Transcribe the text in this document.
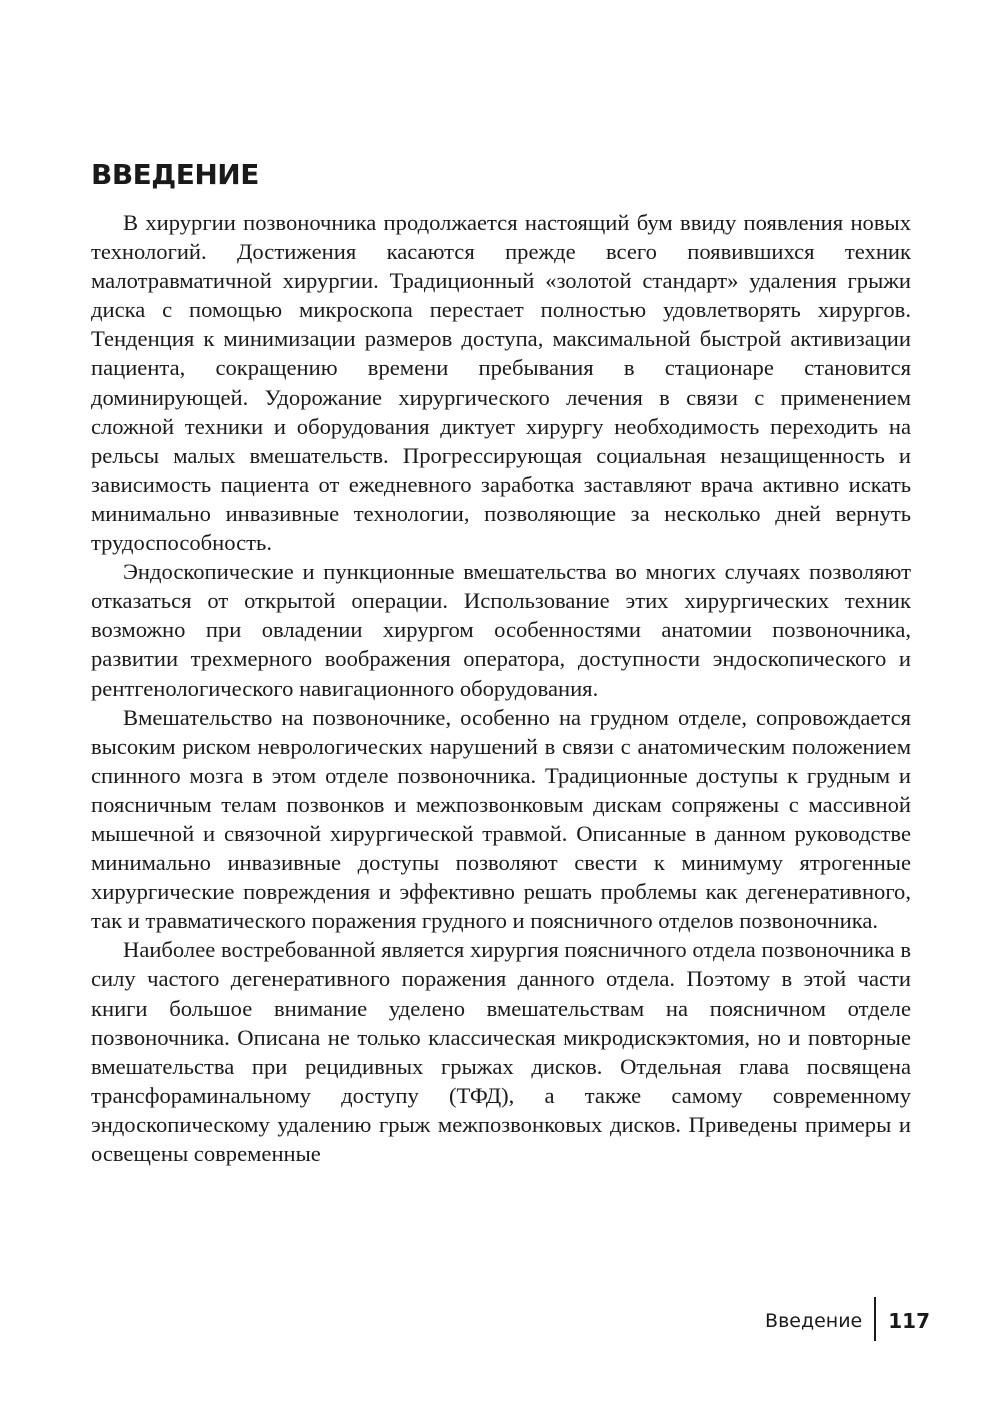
ВВЕДЕНИЕ

В хирургии позвоночника продолжается настоящий бум ввиду появления новых технологий. Достижения касаются прежде всего появившихся техник малотравматичной хирургии. Традиционный «золотой стандарт» удаления грыжи диска с помощью микроскопа перестает полностью удовлетворять хирургов. Тенденция к минимизации размеров доступа, максимальной быстрой активизации пациента, сокращению времени пребывания в стационаре становится доминирующей. Удорожание хирургического лечения в связи с применением сложной техники и оборудования диктует хирургу необходимость переходить на рельсы малых вмешательств. Прогрессирующая социальная незащищенность и зависимость пациента от ежедневного заработка заставляют врача активно искать минимально инвазивные технологии, позволяющие за несколько дней вернуть трудоспособность.

Эндоскопические и пункционные вмешательства во многих случаях позволяют отказаться от открытой операции. Использование этих хирургических техник возможно при овладении хирургом особенностями анатомии позвоночника, развитии трехмерного воображения оператора, доступности эндоскопического и рентгенологического навигационного оборудования.

Вмешательство на позвоночнике, особенно на грудном отделе, сопровождается высоким риском неврологических нарушений в связи с анатомическим положением спинного мозга в этом отделе позвоночника. Традиционные доступы к грудным и поясничным телам позвонков и межпозвонковым дискам сопряжены с массивной мышечной и связочной хирургической травмой. Описанные в данном руководстве минимально инвазивные доступы позволяют свести к минимуму ятрогенные хирургические повреждения и эффективно решать проблемы как дегенеративного, так и травматического поражения грудного и поясничного отделов позвоночника.

Наиболее востребованной является хирургия поясничного отдела позвоночника в силу частого дегенеративного поражения данного отдела. Поэтому в этой части книги большое внимание уделено вмешательствам на поясничном отделе позвоночника. Описана не только классическая микродискэктомия, но и повторные вмешательства при рецидивных грыжах дисков. Отдельная глава посвящена трансфораминальному доступу (ТФД), а также самому современному эндоскопическому удалению грыж межпозвонковых дисков. Приведены примеры и освещены современные

Введение	117
